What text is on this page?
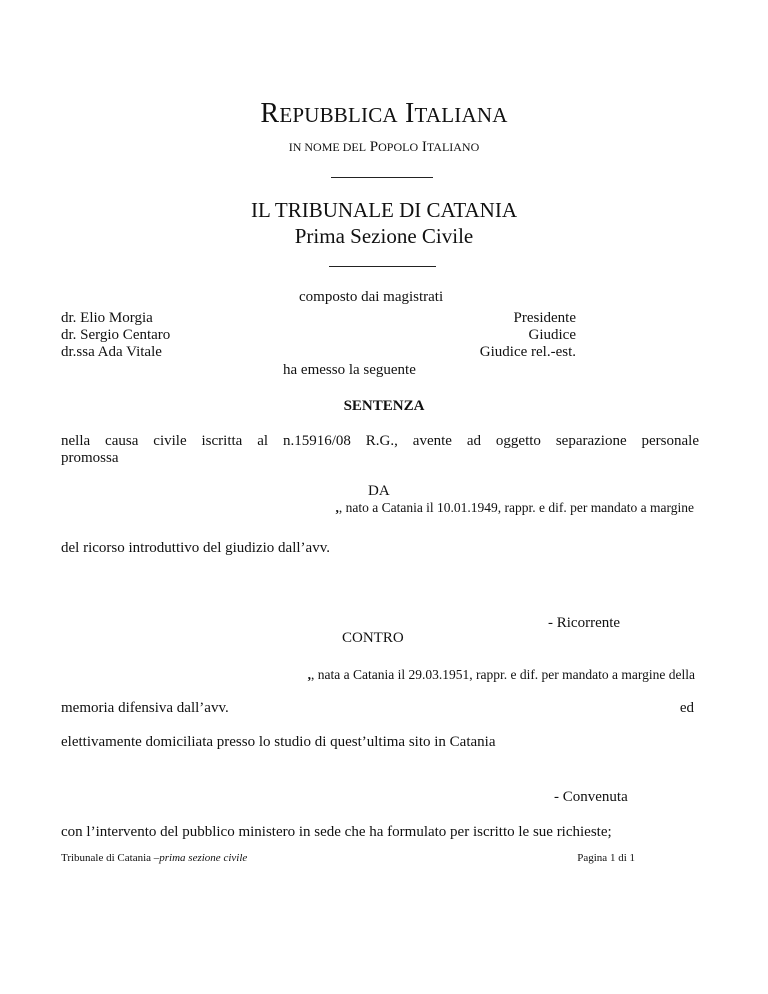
REPUBBLICA ITALIANA
IN NOME DEL POPOLO ITALIANO
IL TRIBUNALE DI CATANIA
Prima Sezione Civile
composto dai magistrati
dr. Elio Morgia
dr. Sergio Centaro
dr.ssa Ada Vitale
Presidente
Giudice
Giudice rel.-est.
ha emesso la seguente
SENTENZA
nella causa civile iscritta al n.15916/08 R.G., avente ad oggetto separazione personale
promossa
DA
,, nato a Catania il 10.01.1949, rappr. e dif. per mandato a margine
del ricorso introduttivo del giudizio dall’avv.
- Ricorrente
CONTRO
,, nata a Catania il 29.03.1951, rappr. e dif. per mandato a margine della
memoria difensiva dall’avv.	ed
elettivamente domiciliata presso lo studio di quest’ultima sito in Catania
- Convenuta
con l’intervento del pubblico ministero in sede che ha formulato per iscritto le sue richieste;
Tribunale di Catania –prima sezione civile	Pagina 1 di 1
